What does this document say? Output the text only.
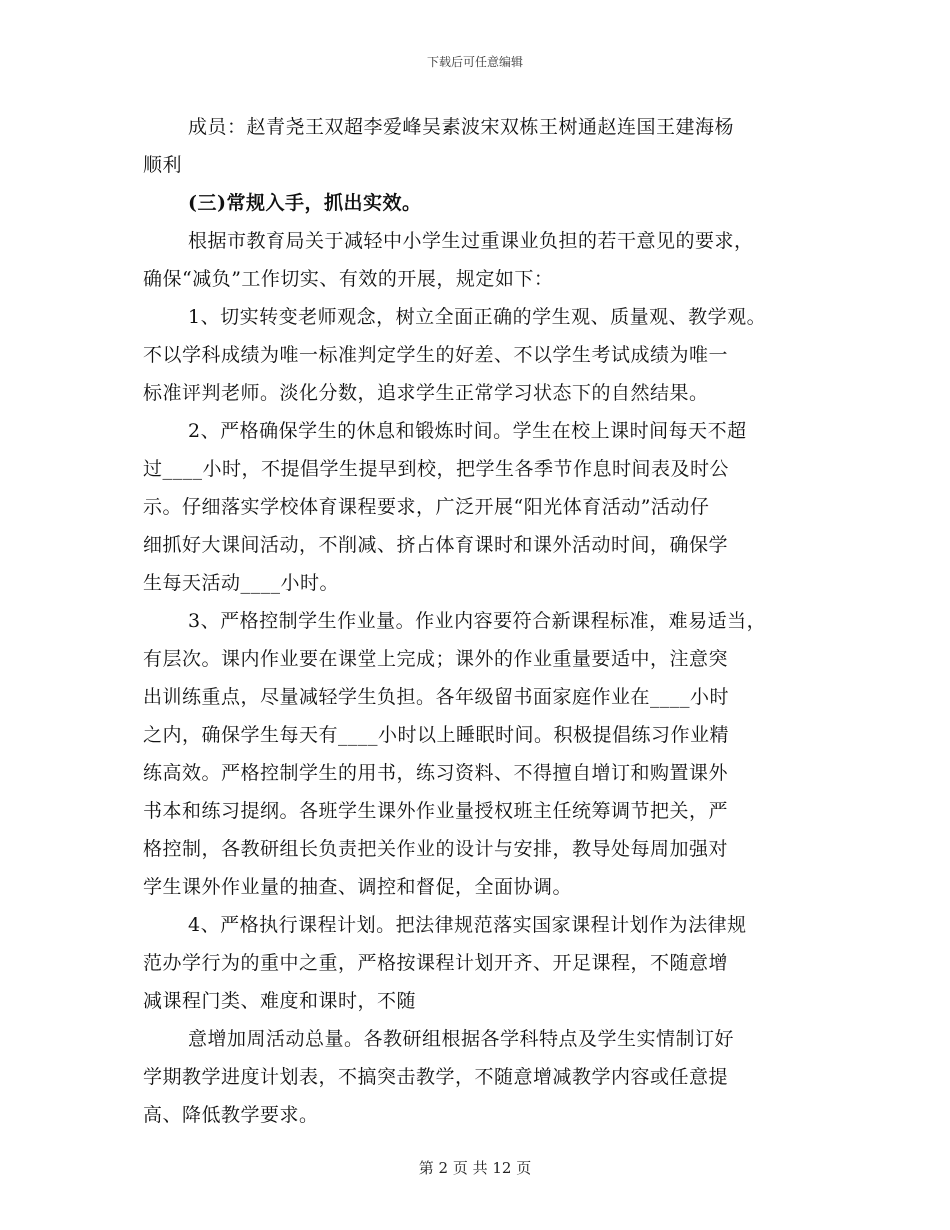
下载后可任意编辑
成员：赵青尧王双超李爱峰吴素波宋双栋王树通赵连国王建海杨
顺利
(三)常规入手，抓出实效。
根据市教育局关于减轻中小学生过重课业负担的若干意见的要求，
确保“减负”工作切实、有效的开展，规定如下：
1、切实转变老师观念，树立全面正确的学生观、质量观、教学观。
不以学科成绩为唯一标准判定学生的好差、不以学生考试成绩为唯一
标准评判老师。淡化分数，追求学生正常学习状态下的自然结果。
2、严格确保学生的休息和锻炼时间。学生在校上课时间每天不超
过____小时，不提倡学生提早到校，把学生各季节作息时间表及时公
示。仔细落实学校体育课程要求，广泛开展“阳光体育活动”活动仔
细抓好大课间活动，不削减、挤占体育课时和课外活动时间，确保学
生每天活动____小时。
3、严格控制学生作业量。作业内容要符合新课程标准，难易适当，
有层次。课内作业要在课堂上完成；课外的作业重量要适中，注意突
出训练重点，尽量减轻学生负担。各年级留书面家庭作业在____小时
之内，确保学生每天有____小时以上睡眠时间。积极提倡练习作业精
练高效。严格控制学生的用书，练习资料、不得擅自增订和购置课外
书本和练习提纲。各班学生课外作业量授权班主任统筹调节把关，严
格控制，各教研组长负责把关作业的设计与安排，教导处每周加强对
学生课外作业量的抽查、调控和督促，全面协调。
4、严格执行课程计划。把法律规范落实国家课程计划作为法律规
范办学行为的重中之重，严格按课程计划开齐、开足课程，不随意增
减课程门类、难度和课时，不随
意增加周活动总量。各教研组根据各学科特点及学生实情制订好
学期教学进度计划表，不搞突击教学，不随意增减教学内容或任意提
高、降低教学要求。
第 2 页 共 12 页
